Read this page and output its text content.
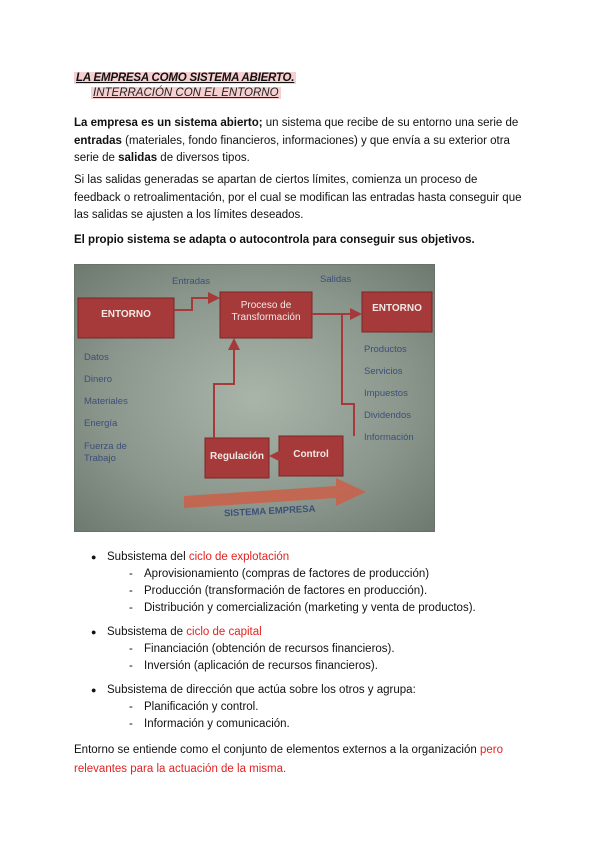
LA EMPRESA COMO SISTEMA ABIERTO.
INTERRACIÓN CON EL ENTORNO
La empresa es un sistema abierto; un sistema que recibe de su entorno una serie de entradas (materiales, fondo financieros, informaciones) y que envía a su exterior otra serie de salidas de diversos tipos.
Si las salidas generadas se apartan de ciertos límites, comienza un proceso de feedback o retroalimentación, por el cual se modifican las entradas hasta conseguir que las salidas se ajusten a los límites deseados.
El propio sistema se adapta o autocontrola para conseguir sus objetivos.
ENTORNO
ENTORNO
Proceso de Transformación
Regulación	Control
Entradas	Salidas
Datos
Dinero
Materiales
Energía
Fuerza de
Trabajo
Productos
Servicios
Impuestos
Dividendos
Información
SISTEMA EMPRESA
● Subsistema del ciclo de explotación
- Aprovisionamiento (compras de factores de producción)
- Producción (transformación de factores en producción).
- Distribución y comercialización (marketing y venta de productos).
● Subsistema de ciclo de capital
- Financiación (obtención de recursos financieros).
- Inversión (aplicación de recursos financieros).
● Subsistema de dirección que actúa sobre los otros y agrupa:
- Planificación y control.
- Información y comunicación.
Entorno se entiende como el conjunto de elementos externos a la organización pero relevantes para la actuación de la misma.
